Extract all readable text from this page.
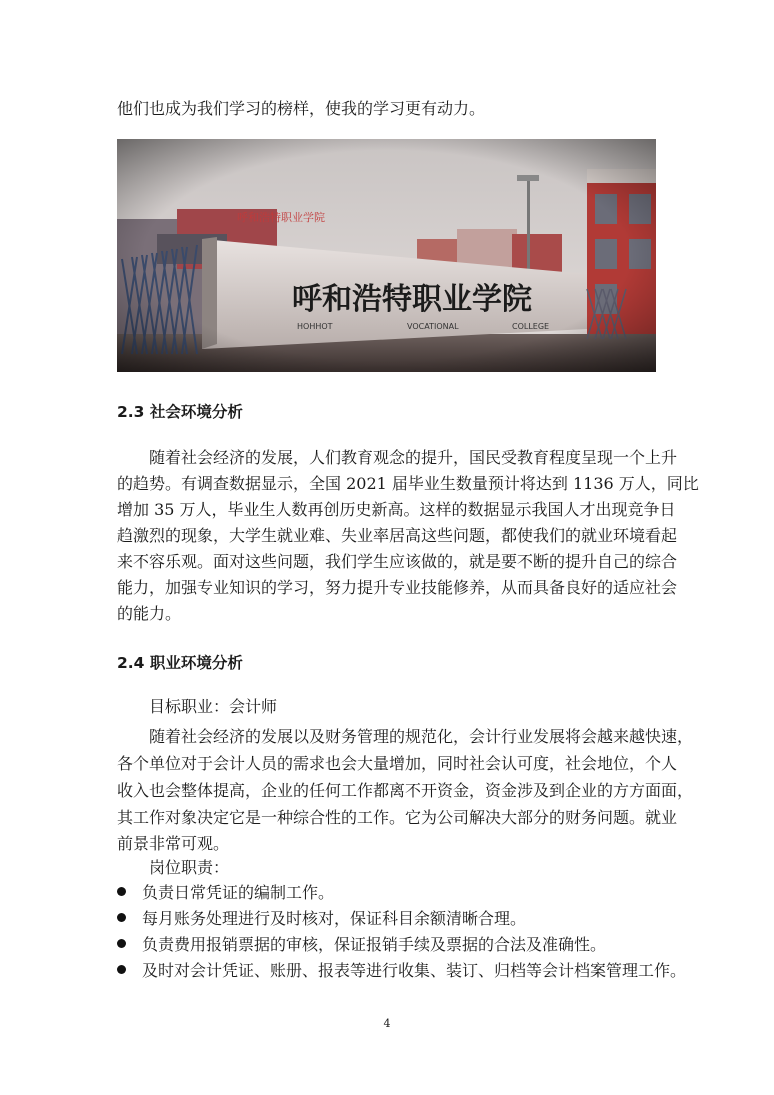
他们也成为我们学习的榜样，使我的学习更有动力。
2.3 社会环境分析
随着社会经济的发展，人们教育观念的提升，国民受教育程度呈现一个上升
的趋势。有调查数据显示，全国 2021 届毕业生数量预计将达到 1136 万人，同比
增加 35 万人，毕业生人数再创历史新高。这样的数据显示我国人才出现竞争日
趋激烈的现象，大学生就业难、失业率居高这些问题，都使我们的就业环境看起
来不容乐观。面对这些问题，我们学生应该做的，就是要不断的提升自己的综合
能力，加强专业知识的学习，努力提升专业技能修养，从而具备良好的适应社会
的能力。
2.4 职业环境分析
目标职业：会计师
随着社会经济的发展以及财务管理的规范化，会计行业发展将会越来越快速，
各个单位对于会计人员的需求也会大量增加，同时社会认可度，社会地位，个人
收入也会整体提高，企业的任何工作都离不开资金，资金涉及到企业的方方面面，
其工作对象决定它是一种综合性的工作。它为公司解决大部分的财务问题。就业
前景非常可观。
岗位职责：
负责日常凭证的编制工作。
每月账务处理进行及时核对，保证科目余额清晰合理。
负责费用报销票据的审核，保证报销手续及票据的合法及准确性。
及时对会计凭证、账册、报表等进行收集、装订、归档等会计档案管理工作。
4
